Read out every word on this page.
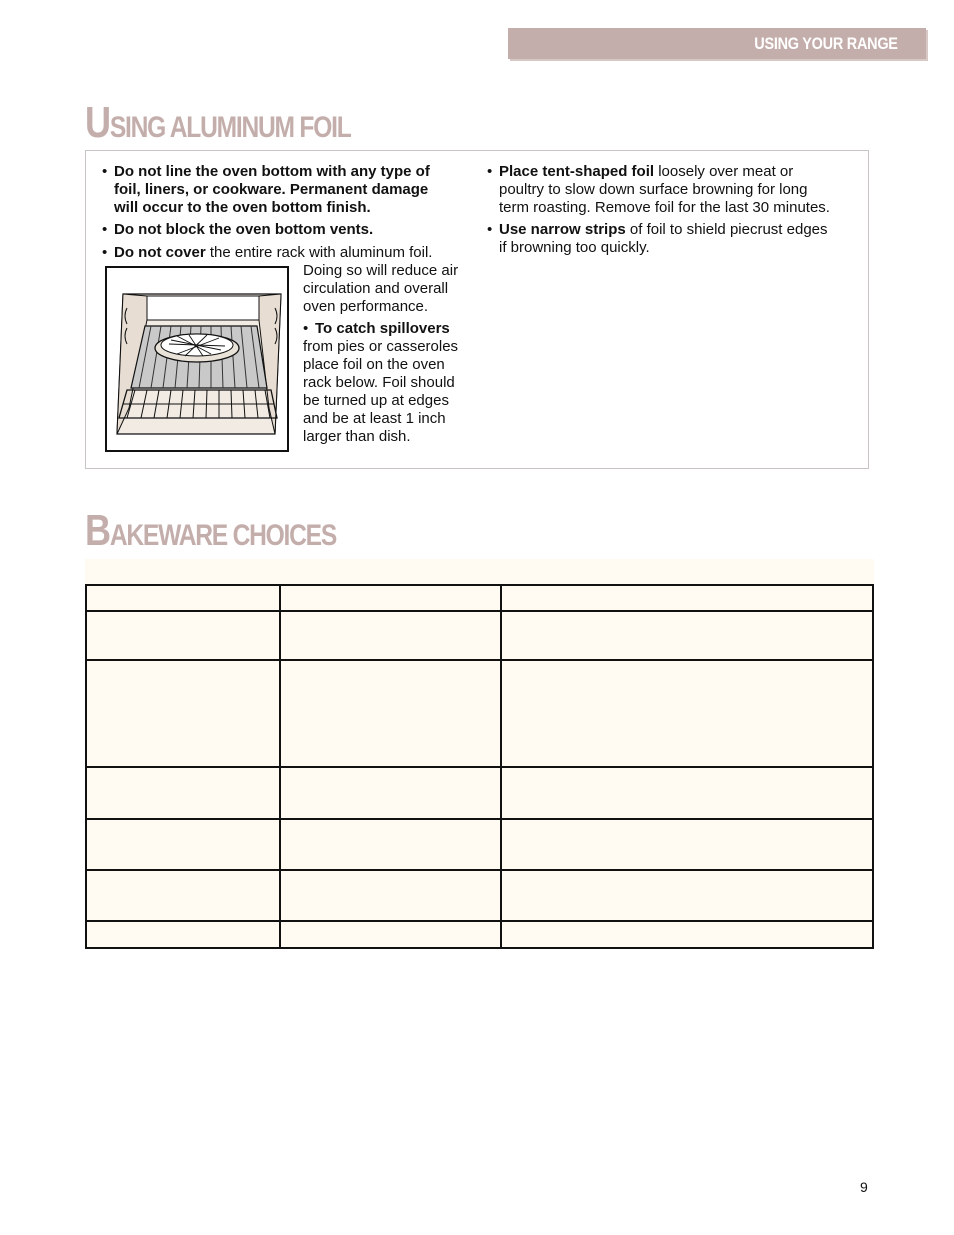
USING YOUR RANGE
USING ALUMINUM FOIL

• Do not line the oven bottom with any type of

foil, liners, or cookware. Permanent damage

will occur to the oven bottom finish.

• Do not block the oven bottom vents.

• Do not cover the entire rack with aluminum foil.

Doing so will reduce air

circulation and overall

oven performance.

• To catch spillovers

from pies or casseroles

place foil on the oven

rack below. Foil should

be turned up at edges

and be at least 1 inch

larger than dish.

• Place tent-shaped foil loosely over meat or

poultry to slow down surface browning for long

term roasting. Remove foil for the last 30 minutes.

• Use narrow strips of foil to shield piecrust edges

if browning too quickly.

BAKEWARE CHOICES
9
